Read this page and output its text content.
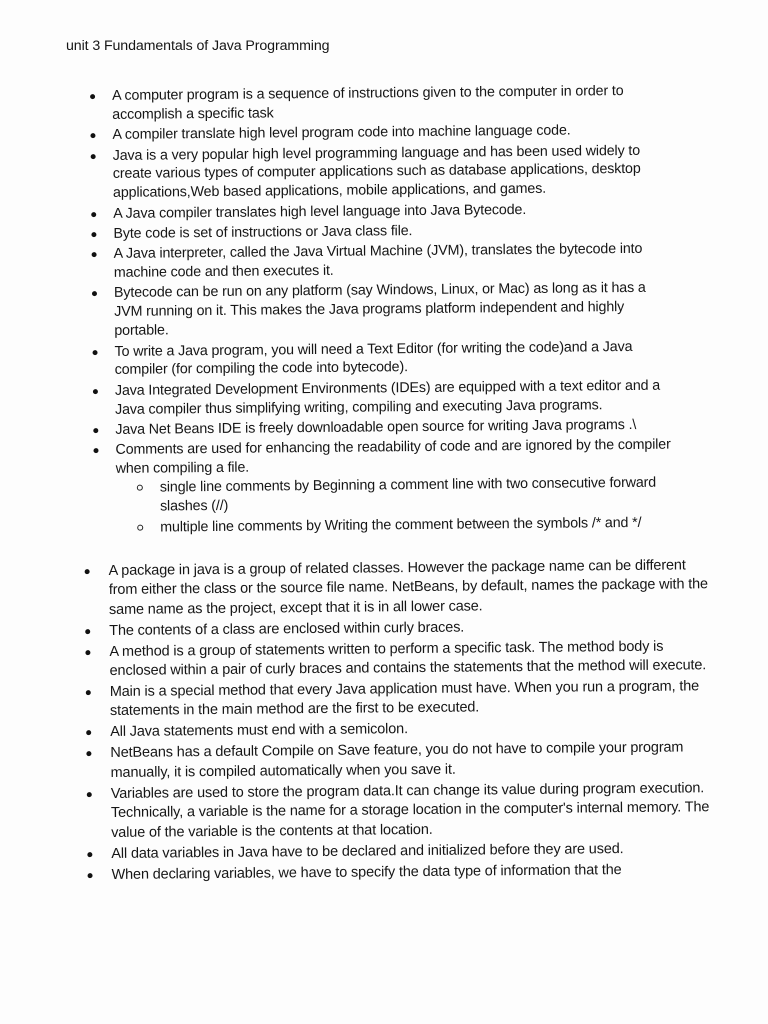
unit 3 Fundamentals of Java Programming
A computer program is a sequence of instructions given to the computer in order to accomplish a specific task
A compiler translate high level program code into machine language code.
Java is a very popular high level programming language and has been used widely to create various types of computer applications such as database applications, desktop applications,Web based applications, mobile applications, and games.
A Java compiler translates high level language into Java Bytecode.
Byte code is set of instructions or Java class file.
A Java interpreter, called the Java Virtual Machine (JVM), translates the bytecode into machine code and then executes it.
Bytecode can be run on any platform (say Windows, Linux, or Mac) as long as it has a JVM running on it. This makes the Java programs platform independent and highly portable.
To write a Java program, you will need a Text Editor (for writing the code)and a Java compiler (for compiling the code into bytecode).
Java Integrated Development Environments (IDEs) are equipped with a text editor and a Java compiler thus simplifying writing, compiling and executing Java programs.
Java Net Beans IDE is freely downloadable open source for writing Java programs .\
Comments are used for enhancing the readability of code and are ignored by the compiler when compiling a file.
single line comments by Beginning a comment line with two consecutive forward slashes (//)
multiple line comments by Writing the comment between the symbols /* and */
A package in java is a group of related classes. However the package name can be different from either the class or the source file name. NetBeans, by default, names the package with the same name as the project, except that it is in all lower case.
The contents of a class are enclosed within curly braces.
A method is a group of statements written to perform a specific task. The method body is enclosed within a pair of curly braces and contains the statements that the method will execute.
Main is a special method that every Java application must have. When you run a program, the statements in the main method are the first to be executed.
All Java statements must end with a semicolon.
NetBeans has a default Compile on Save feature, you do not have to compile your program manually, it is compiled automatically when you save it.
Variables are used to store the program data.It can change its value during program execution. Technically, a variable is the name for a storage location in the computer's internal memory. The value of the variable is the contents at that location.
All data variables in Java have to be declared and initialized before they are used.
When declaring variables, we have to specify the data type of information that the
